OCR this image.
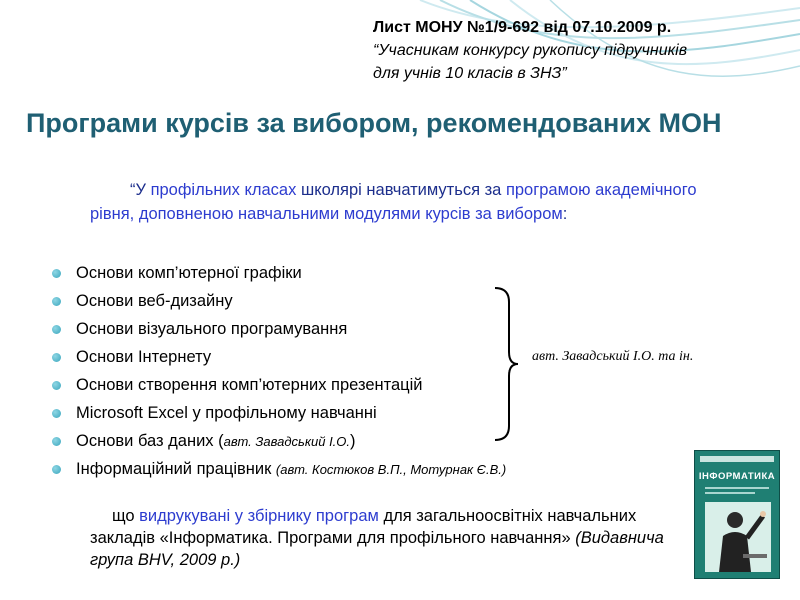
Лист МОНУ №1/9-692 від 07.10.2009 р.
“Учасникам конкурсу рукопису підручників
для учнів 10 класів в ЗНЗ”
Програми курсів за вибором, рекомендованих МОН
“У профільних класах школярі навчатимуться за програмою академічного рівня, доповненою навчальними модулями курсів за вибором:
Основи комп’ютерної графіки
Основи веб-дизайну
Основи візуального програмування
Основи Інтернету
Основи створення комп’ютерних презентацій
Microsoft Excel у профільному навчанні
Основи баз даних (авт. Завадський І.О.)
Інформаційний працівник (авт. Костюков В.П., Мотурнак Є.В.)
авт. Завадський І.О. та ін.
що видрукувані у збірнику програм для загальноосвітніх навчальних закладів «Інформатика. Програми для профільного навчання» (Видавнича група BHV, 2009 р.)
ІНФОРМАТИКА
